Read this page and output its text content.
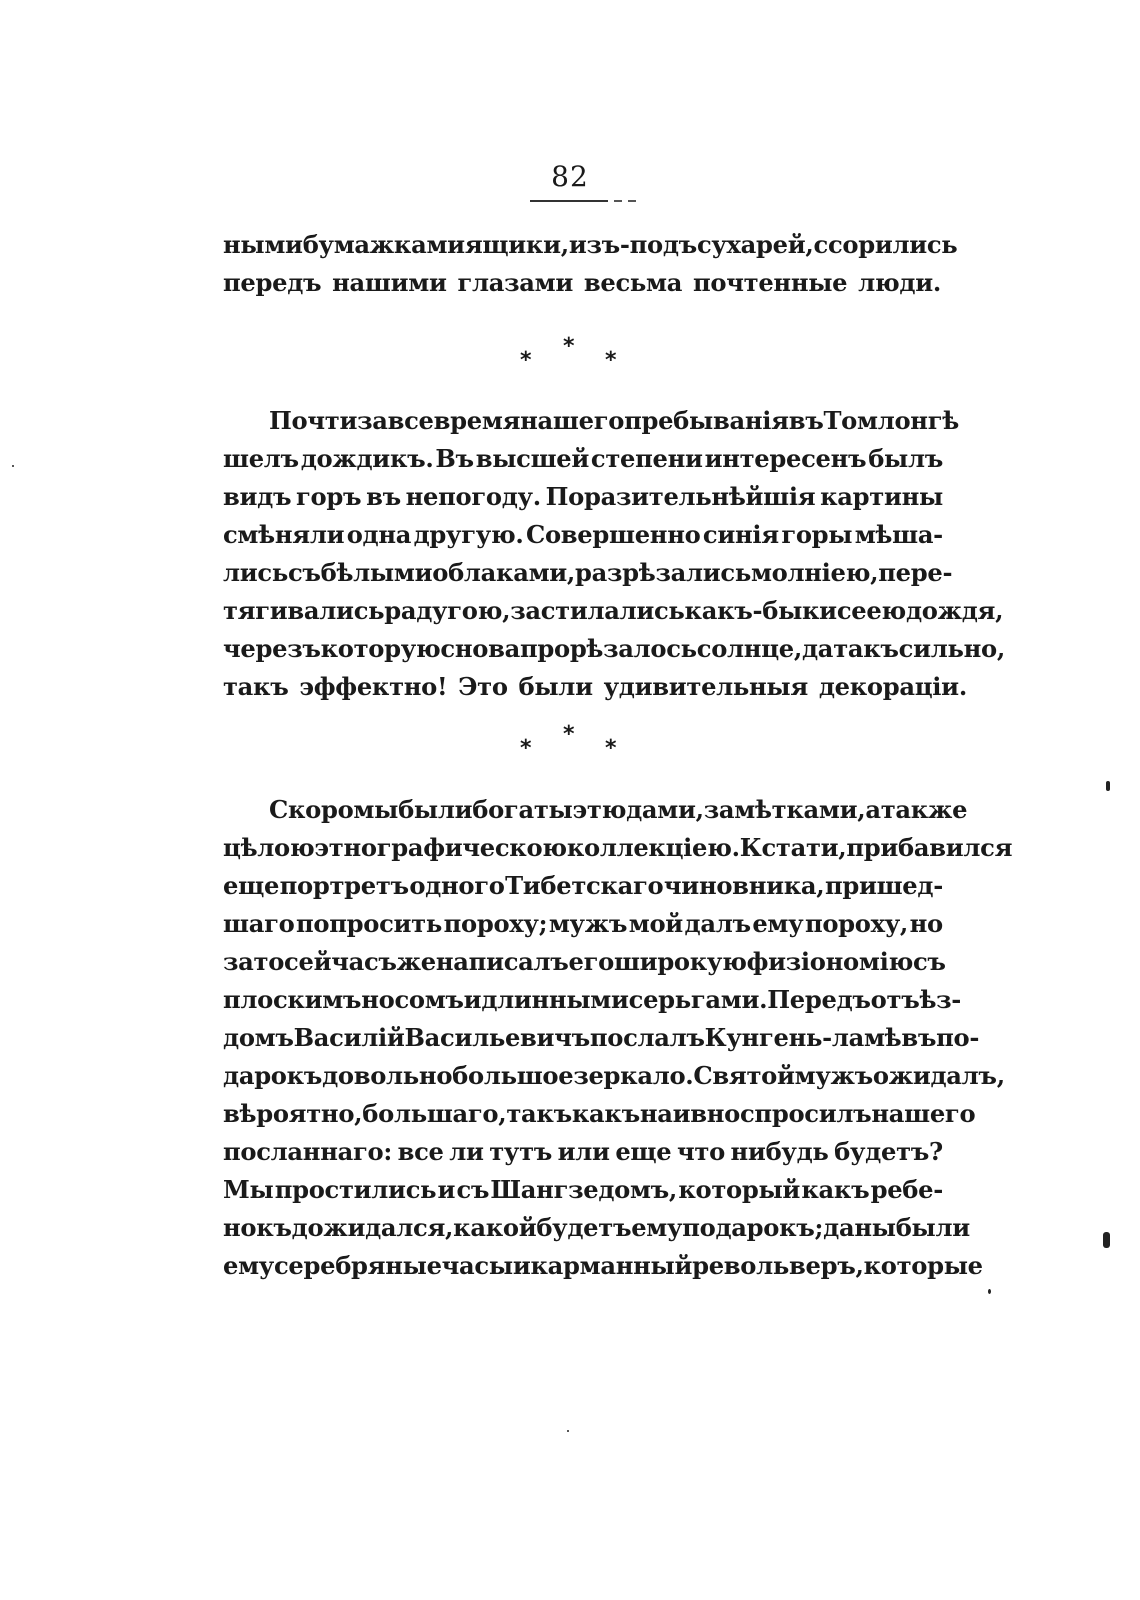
82
ными бумажками ящики, изъ-подъ сухарей, ссорились
передъ нашими глазами весьма почтенные люди.
*
*	*
Почти за все время нашего пребыванія въ Томлонгѣ
шелъ дождикъ. Въ высшей степени интересенъ былъ
видъ горъ въ непогоду. Поразительнѣйшія картины
смѣняли одна другую. Совершенно синія горы мѣша-
лись съ бѣлыми облаками, разрѣзались молніею, пере-
тягивались радугою, застилались какъ-бы кисеею дождя,
черезъ которую снова прорѣзалось солнце, да такъ сильно,
такъ эффектно! Это были удивительныя декораціи.
*
*	*
Скоро мы были богаты этюдами, замѣтками, а также
цѣлою этнографическою коллекціею. Кстати, прибавился
еще портретъ одного Тибетскаго чиновника, пришед-
шаго попросить пороху; мужъ мой далъ ему пороху, но
за то сейчасъ же написалъ его широкую физіономію съ
плоскимъ носомъ и длинными серьгами. Передъ отъѣз-
домъ Василій Васильевичъ послалъ Кунгень-ламѣ въ по-
дарокъ довольно большое зеркало. Святой мужъ ожидалъ,
вѣроятно, большаго, такъ какъ наивно спросилъ нашего
посланнаго: все ли тутъ или еще что нибудь будетъ?
Мы простились и съ Шангзедомъ, который какъ ребе-
нокъ дожидался, какой будетъ ему подарокъ; даны были
ему серебряные часы и карманный револьверъ, которые
